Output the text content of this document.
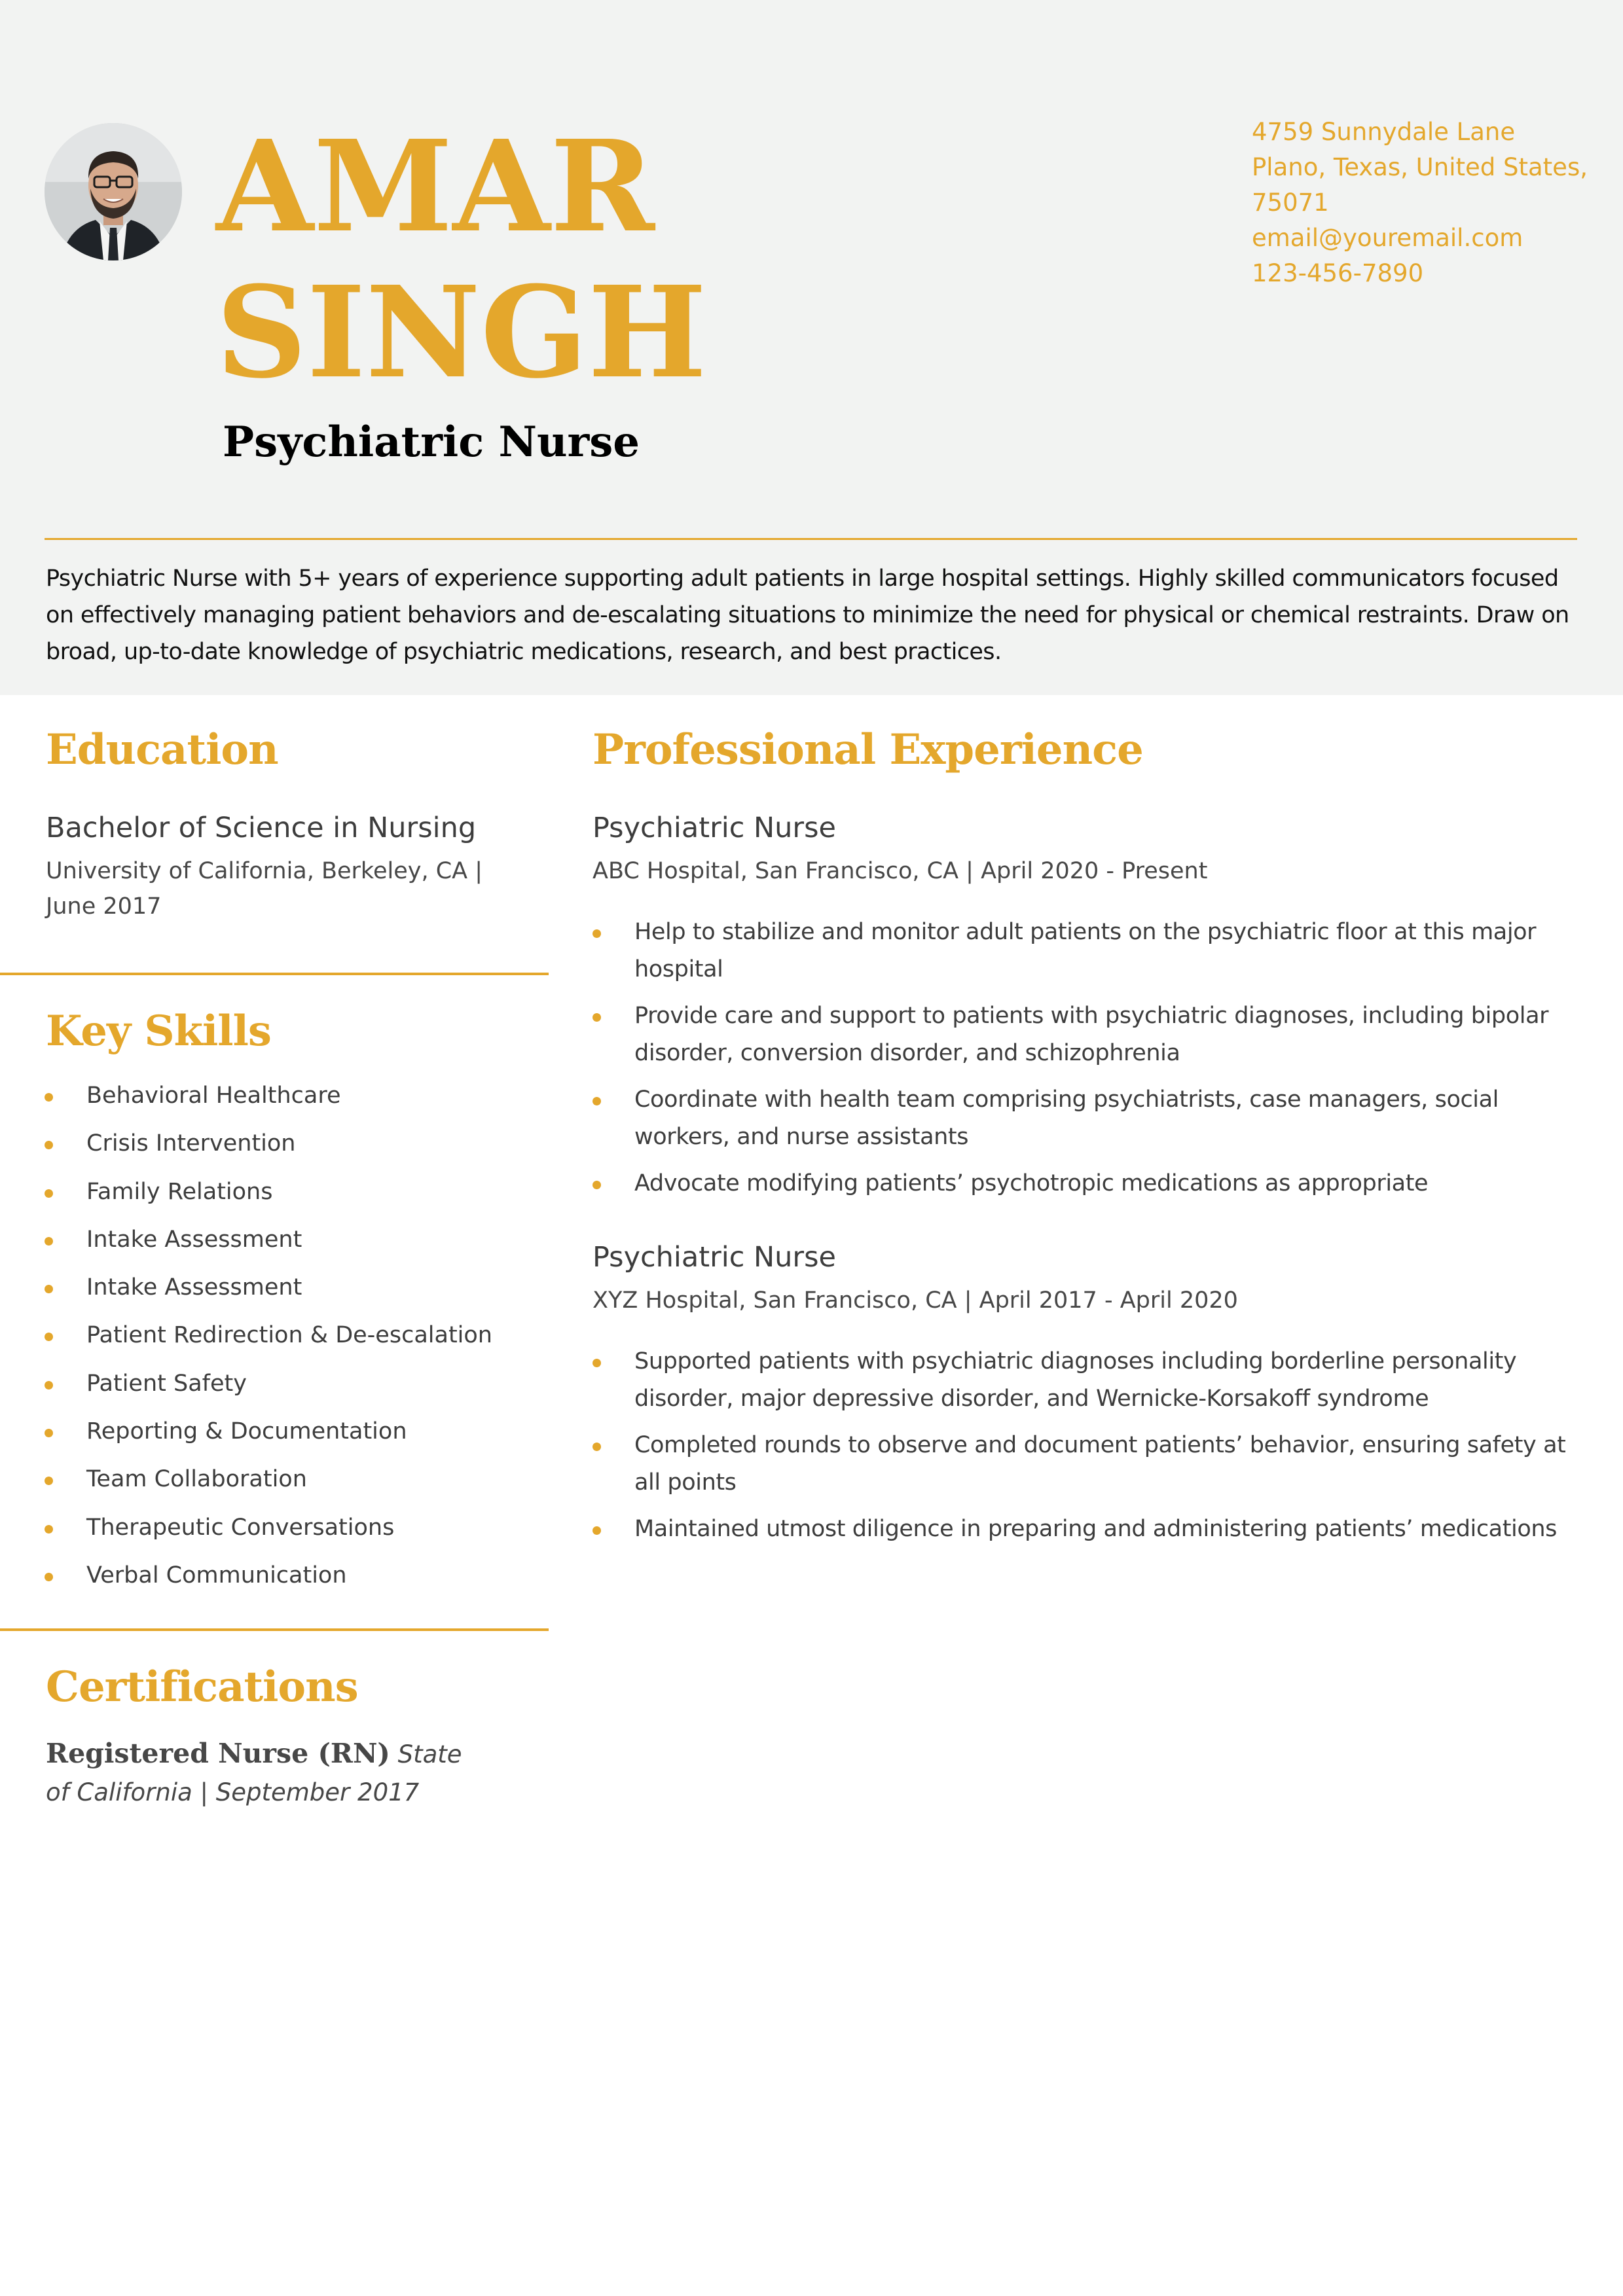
AMAR
SINGH
Psychiatric Nurse
4759 Sunnydale Lane
Plano, Texas, United States, 75071
email@youremail.com
123-456-7890
Psychiatric Nurse with 5+ years of experience supporting adult patients in large hospital settings. Highly skilled communicators focused on effectively managing patient behaviors and de-escalating situations to minimize the need for physical or chemical restraints. Draw on broad, up-to-date knowledge of psychiatric medications, research, and best practices.
Education
Bachelor of Science in Nursing
University of California, Berkeley, CA | June 2017
Key Skills
Behavioral Healthcare
Crisis Intervention
Family Relations
Intake Assessment
Intake Assessment
Patient Redirection & De-escalation
Patient Safety
Reporting & Documentation
Team Collaboration
Therapeutic Conversations
Verbal Communication
Certifications
Registered Nurse (RN) State of California | September 2017
Professional Experience
Psychiatric Nurse
ABC Hospital, San Francisco, CA | April 2020 - Present
Help to stabilize and monitor adult patients on the psychiatric floor at this major hospital
Provide care and support to patients with psychiatric diagnoses, including bipolar disorder, conversion disorder, and schizophrenia
Coordinate with health team comprising psychiatrists, case managers, social workers, and nurse assistants
Advocate modifying patients’ psychotropic medications as appropriate
Psychiatric Nurse
XYZ Hospital, San Francisco, CA | April 2017 - April 2020
Supported patients with psychiatric diagnoses including borderline personality disorder, major depressive disorder, and Wernicke-Korsakoff syndrome
Completed rounds to observe and document patients’ behavior, ensuring safety at all points
Maintained utmost diligence in preparing and administering patients’ medications
